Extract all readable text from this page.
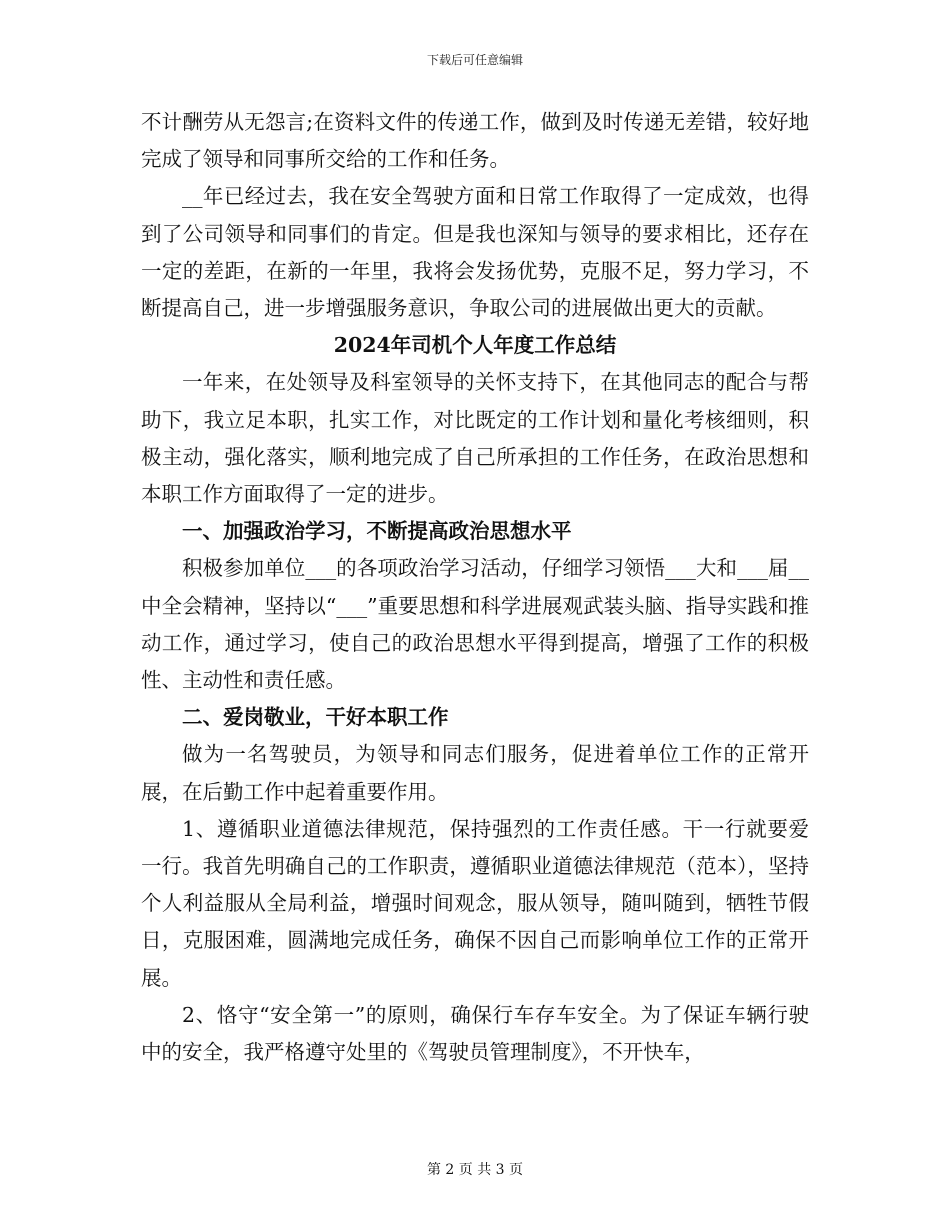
下载后可任意编辑

不计酬劳从无怨言;在资料文件的传递工作，做到及时传递无差错，较好地完成了领导和同事所交给的工作和任务。

__年已经过去，我在安全驾驶方面和日常工作取得了一定成效，也得到了公司领导和同事们的肯定。但是我也深知与领导的要求相比，还存在一定的差距，在新的一年里，我将会发扬优势，克服不足，努力学习，不断提高自己，进一步增强服务意识，争取公司的进展做出更大的贡献。

2024年司机个人年度工作总结

一年来，在处领导及科室领导的关怀支持下，在其他同志的配合与帮助下，我立足本职，扎实工作，对比既定的工作计划和量化考核细则，积极主动，强化落实，顺利地完成了自己所承担的工作任务，在政治思想和本职工作方面取得了一定的进步。

一、加强政治学习，不断提高政治思想水平

积极参加单位___的各项政治学习活动，仔细学习领悟___大和___届__中全会精神，坚持以“___”重要思想和科学进展观武装头脑、指导实践和推动工作，通过学习，使自己的政治思想水平得到提高，增强了工作的积极性、主动性和责任感。

二、爱岗敬业，干好本职工作

做为一名驾驶员，为领导和同志们服务，促进着单位工作的正常开展，在后勤工作中起着重要作用。

1、遵循职业道德法律规范，保持强烈的工作责任感。干一行就要爱一行。我首先明确自己的工作职责，遵循职业道德法律规范（范本），坚持个人利益服从全局利益，增强时间观念，服从领导，随叫随到，牺牲节假日，克服困难，圆满地完成任务，确保不因自己而影响单位工作的正常开展。

2、恪守“安全第一”的原则，确保行车存车安全。为了保证车辆行驶中的安全，我严格遵守处里的《驾驶员管理制度》，不开快车，

第 2 页 共 3 页
